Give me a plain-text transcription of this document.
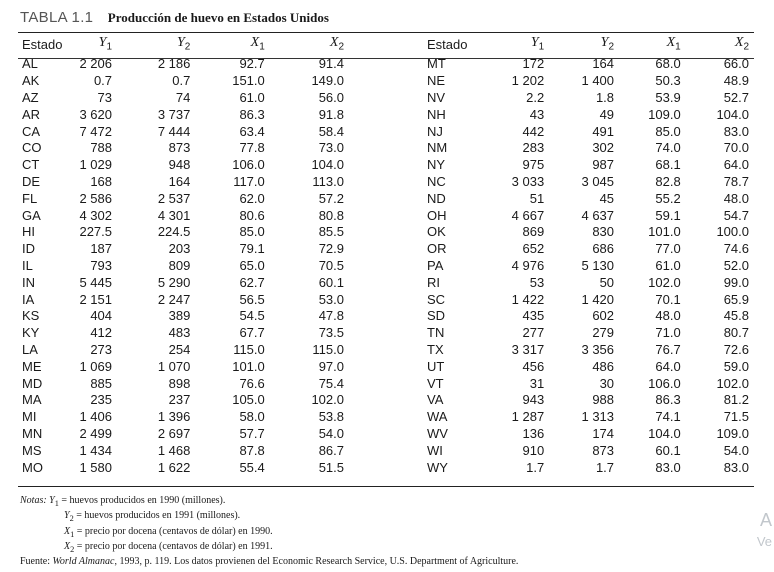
TABLA 1.1 Producción de huevo en Estados Unidos
Estado	$Y_1$	$Y_2$	$X_1$	$X_2$
AL	2 206	2 186	92.7	91.4
AK	0.7	0.7	151.0	149.0
AZ	73	74	61.0	56.0
AR	3 620	3 737	86.3	91.8
CA	7 472	7 444	63.4	58.4
CO	788	873	77.8	73.0
CT	1 029	948	106.0	104.0
DE	168	164	117.0	113.0
FL	2 586	2 537	62.0	57.2
GA	4 302	4 301	80.6	80.8
HI	227.5	224.5	85.0	85.5
ID	187	203	79.1	72.9
IL	793	809	65.0	70.5
IN	5 445	5 290	62.7	60.1
IA	2 151	2 247	56.5	53.0
KS	404	389	54.5	47.8
KY	412	483	67.7	73.5
LA	273	254	115.0	115.0
ME	1 069	1 070	101.0	97.0
MD	885	898	76.6	75.4
MA	235	237	105.0	102.0
MI	1 406	1 396	58.0	53.8
MN	2 499	2 697	57.7	54.0
MS	1 434	1 468	87.8	86.7
MO	1 580	1 622	55.4	51.5
Estado	$Y_1$	$Y_2$	$X_1$	$X_2$
MT	172	164	68.0	66.0
NE	1 202	1 400	50.3	48.9
NV	2.2	1.8	53.9	52.7
NH	43	49	109.0	104.0
NJ	442	491	85.0	83.0
NM	283	302	74.0	70.0
NY	975	987	68.1	64.0
NC	3 033	3 045	82.8	78.7
ND	51	45	55.2	48.0
OH	4 667	4 637	59.1	54.7
OK	869	830	101.0	100.0
OR	652	686	77.0	74.6
PA	4 976	5 130	61.0	52.0
RI	53	50	102.0	99.0
SC	1 422	1 420	70.1	65.9
SD	435	602	48.0	45.8
TN	277	279	71.0	80.7
TX	3 317	3 356	76.7	72.6
UT	456	486	64.0	59.0
VT	31	30	106.0	102.0
VA	943	988	86.3	81.2
WA	1 287	1 313	74.1	71.5
WV	136	174	104.0	109.0
WI	910	873	60.1	54.0
WY	1.7	1.7	83.0	83.0
Notas: $Y_1$ = huevos producidos en 1990 (millones).
$Y_2$ = huevos producidos en 1991 (millones).
$X_1$ = precio por docena (centavos de dólar) en 1990.
$X_2$ = precio por docena (centavos de dólar) en 1991.
Fuente: World Almanac, 1993, p. 119. Los datos provienen del Economic Research Service, U.S. Department of Agriculture.
A
Ve
